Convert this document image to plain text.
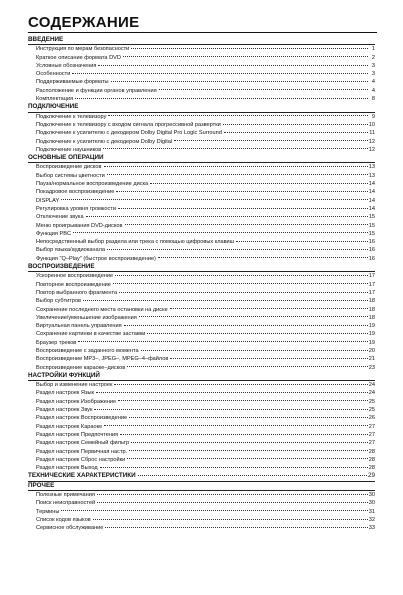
СОДЕРЖАНИЕ
ВВЕДЕНИЕ
Инструкция по мерам безопасности	1
Краткое описание формата DVD	2
Условные обозначения	3
Особенности	3
Поддерживаемые форматы	4
Расположение и функции органов управления	4
Комплектация	8
ПОДКЛЮЧЕНИЕ
Подключение к телевизору	9
Подключение к телевизору с входом сигнала прогрессивной развертки	10
Подключение к усилителю с декодером Dolby Digital Pro Logic Surround	11
Подключение к усилителю с декодером Dolby Digital	12
Подключение наушников	12
ОСНОВНЫЕ ОПЕРАЦИИ
Воспроизведение дисков	13
Выбор системы цветности	13
Пауза/нормальное воспроизведение диска	14
Покадровое воспроизведение	14
DISPLAY	14
Регулировка уровня громкости	14
Отключение звука	15
Меню проигрывания DVD-дисков	15
Функция PBC	15
Непосредственный выбор раздела или трека с помощью цифровых клавиш	16
Выбор языка/аудиоканала	16
Функция "Q–Play" (быстрое воспроизведение)	16
ВОСПРОИЗВЕДЕНИЕ
Ускоренное воспроизведение	17
Повторное воспроизведение	17
Повтор выбранного фрагмента	17
Выбор субтитров	18
Сохранение последнего места остановки на диске	18
Увеличение/уменьшение изображения	18
Виртуальная панель управления	19
Сохранение картинки в качестве заставки	19
Браузер треков	19
Воспроизведение с заданного момента	20
Воспроизведение MP3–, JPEG–, MPEG–4–файлов	21
Воспроизведение караоке–дисков	23
НАСТРОЙКИ ФУНКЦИЙ
Выбор и изменение настроек	24
Раздел настроек Язык	24
Раздел настроек Изображение	25
Раздел настроек Звук	25
Раздел настроек Воспроизведение	26
Раздел настроек Караоке	27
Раздел настроек Предпочтения	27
Раздел настроек Семейный фильтр	27
Раздел настроек Первичная настр.	28
Раздел настроек Сброс настройки	28
Раздел настроек Выход	28
ТЕХНИЧЕСКИЕ ХАРАКТЕРИСТИКИ	29
ПРОЧЕЕ
Полезные примечания	30
Поиск неисправностей	30
Термины	31
Список кодов языков	32
Сервисное обслуживание	33
